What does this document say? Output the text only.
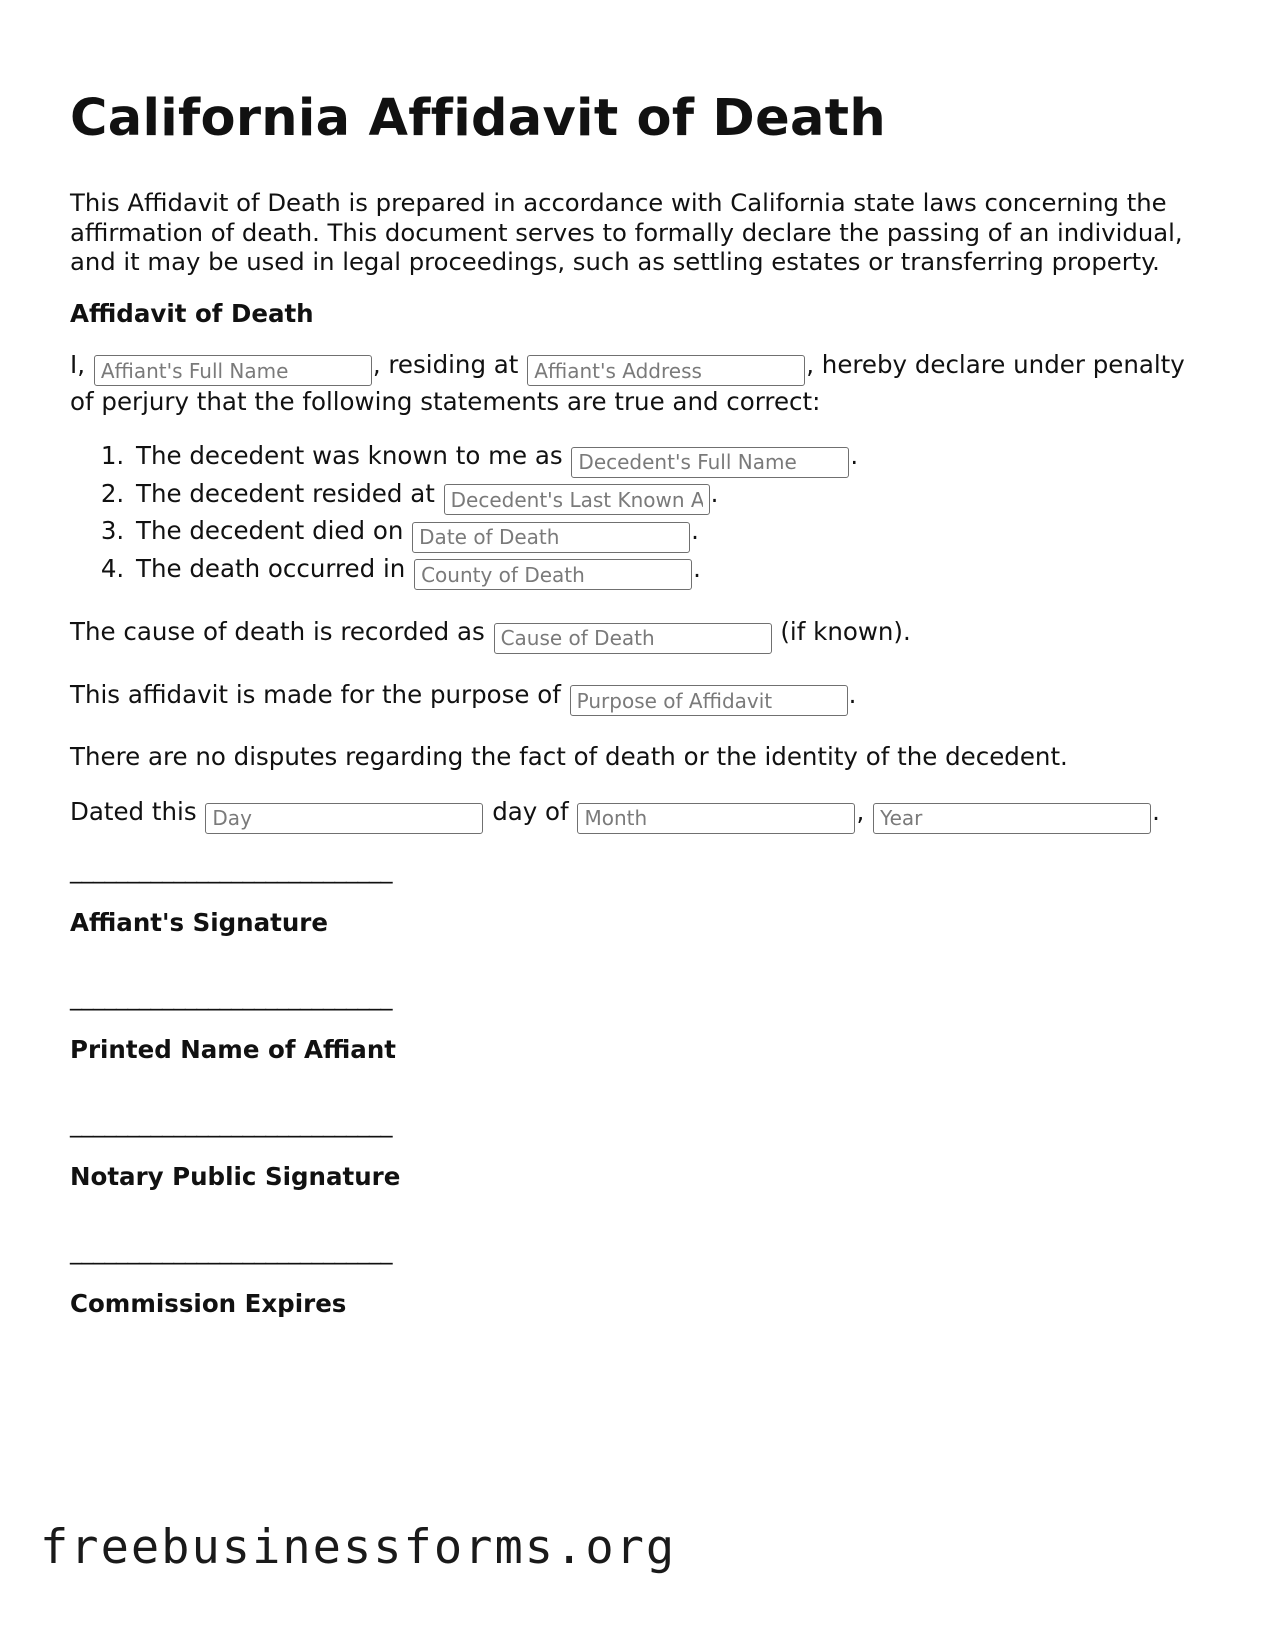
California Affidavit of Death

This Affidavit of Death is prepared in accordance with California state laws concerning the affirmation of death. This document serves to formally declare the passing of an individual, and it may be used in legal proceedings, such as settling estates or transferring property.

Affidavit of Death

I, Affiant's Full Name	, residing at Affiant's Address	, hereby declare under penalty of perjury that the following statements are true and correct:

1. The decedent was known to me as Decedent's Full Name	.
2. The decedent resided at Decedent's Last Known Address	.
3. The decedent died on Date of Death	.
4. The death occurred in County of Death	.

The cause of death is recorded as Cause of Death	(if known).

This affidavit is made for the purpose of Purpose of Affidavit	.

There are no disputes regarding the fact of death or the identity of the decedent.

Dated this Day	day of Month	, Year	.

____________________________
Affiant's Signature
____________________________
Printed Name of Affiant
____________________________
Notary Public Signature
____________________________
Commission Expires
freebusinessforms.org
